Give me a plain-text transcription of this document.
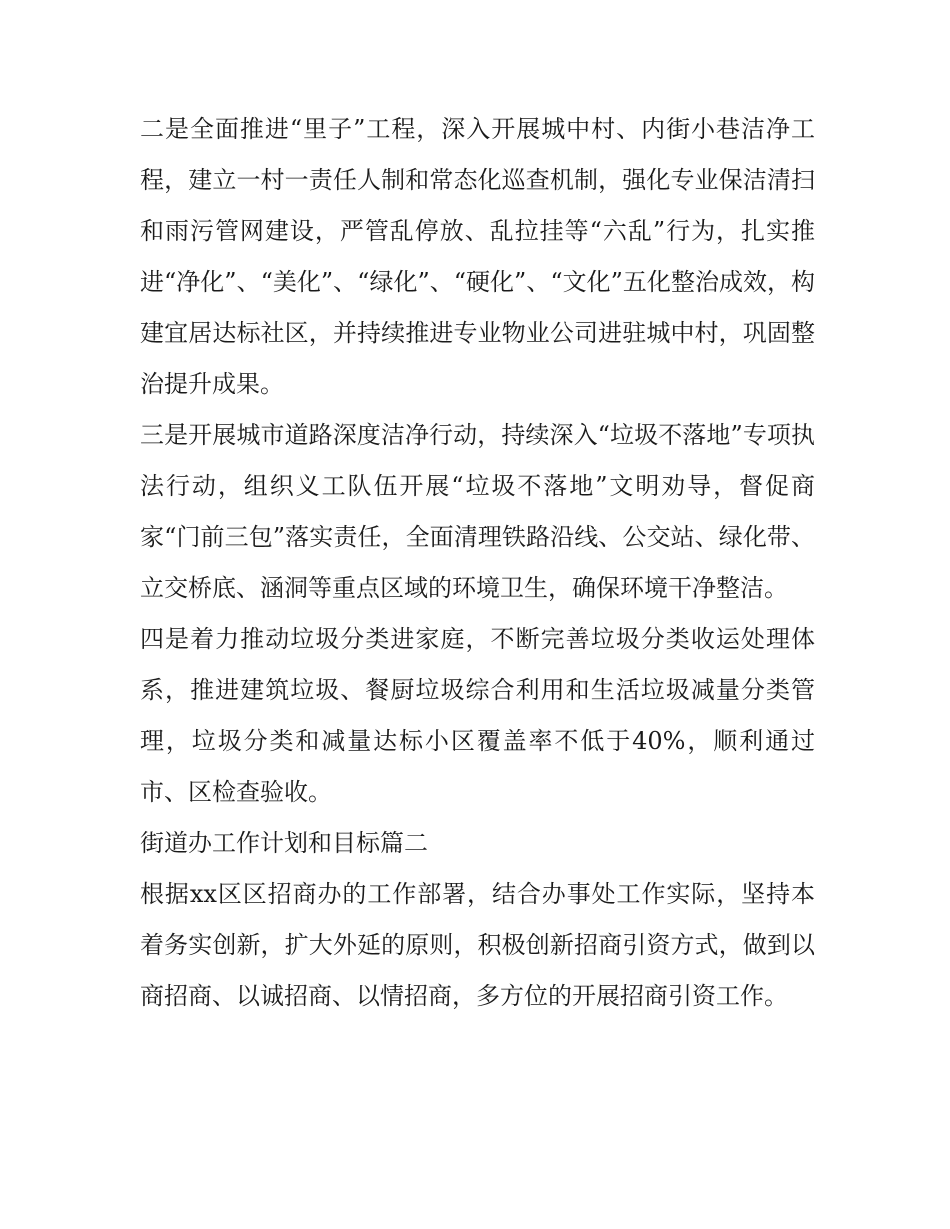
二是全面推进“里子”工程，深入开展城中村、内街小巷洁净工程，建立一村一责任人制和常态化巡查机制，强化专业保洁清扫和雨污管网建设，严管乱停放、乱拉挂等“六乱”行为，扎实推进“净化”、“美化”、“绿化”、“硬化”、“文化”五化整治成效，构建宜居达标社区，并持续推进专业物业公司进驻城中村，巩固整治提升成果。

三是开展城市道路深度洁净行动，持续深入“垃圾不落地”专项执法行动，组织义工队伍开展“垃圾不落地”文明劝导，督促商家“门前三包”落实责任，全面清理铁路沿线、公交站、绿化带、立交桥底、涵洞等重点区域的环境卫生，确保环境干净整洁。

四是着力推动垃圾分类进家庭，不断完善垃圾分类收运处理体系，推进建筑垃圾、餐厨垃圾综合利用和生活垃圾减量分类管理，垃圾分类和减量达标小区覆盖率不低于40%，顺利通过市、区检查验收。

街道办工作计划和目标篇二

根据xx区区招商办的工作部署，结合办事处工作实际，坚持本着务实创新，扩大外延的原则，积极创新招商引资方式，做到以商招商、以诚招商、以情招商，多方位的开展招商引资工作。
